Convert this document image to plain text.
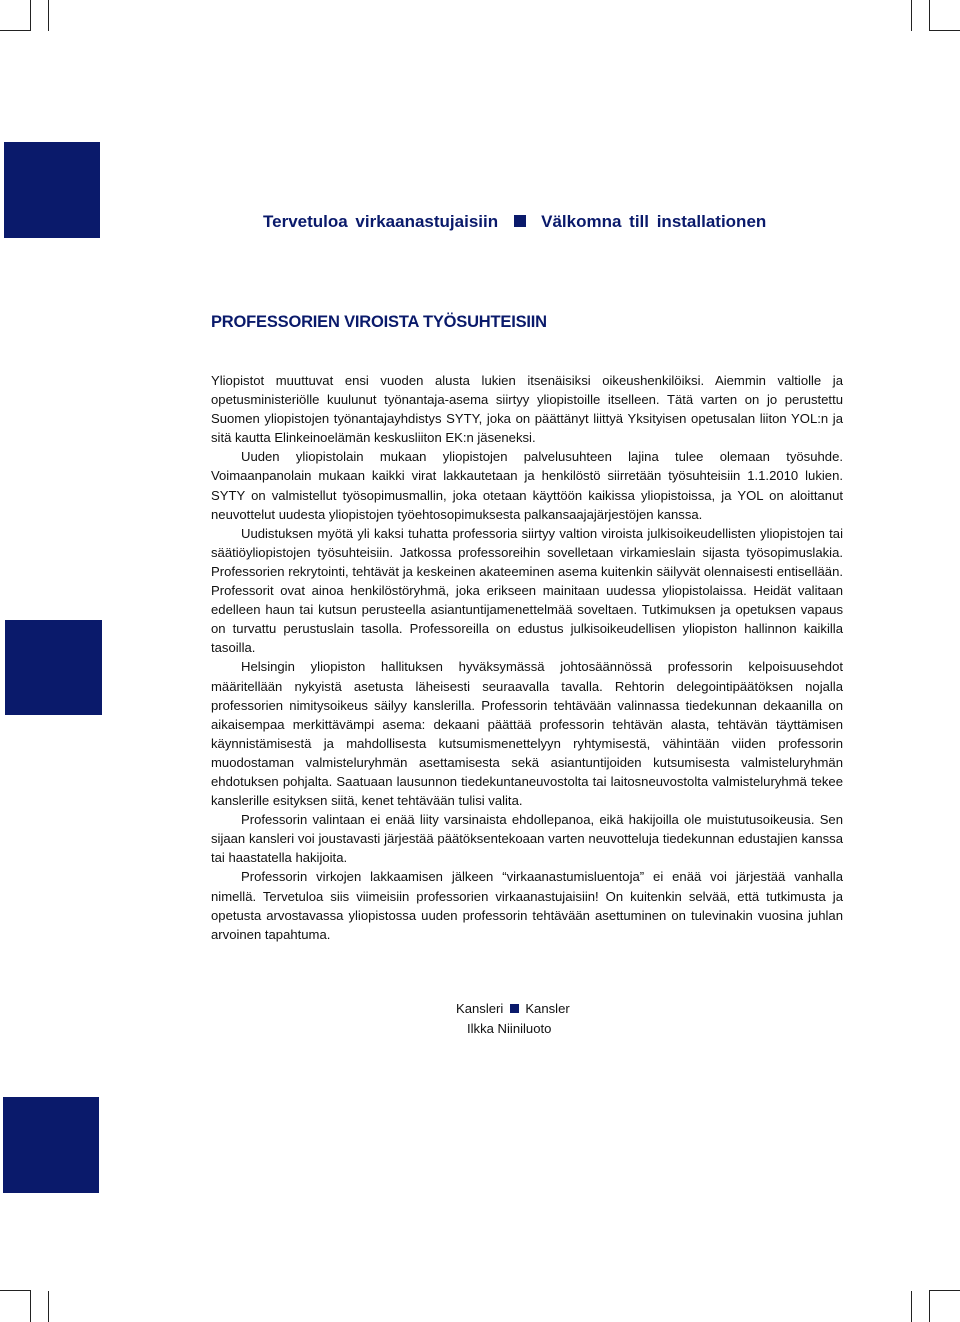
Tervetuloa virkaanastujaisiin	Välkomna till installationen
PROFESSORIEN VIROISTA TYÖSUHTEISIIN

Yliopistot muuttuvat ensi vuoden alusta lukien itsenäisiksi oikeushenkilöiksi. Aiemmin valtiolle ja opetusministeriölle kuulunut työnantaja-asema siirtyy yliopistoille itselleen. Tätä varten on jo perustettu Suomen yliopistojen työnantajayhdistys SYTY, joka on päättänyt liittyä Yksityisen opetusalan liiton YOL:n ja sitä kautta Elinkeinoelämän keskusliiton EK:n jäseneksi.

Uuden yliopistolain mukaan yliopistojen palvelusuhteen lajina tulee olemaan työsuhde. Voimaanpanolain mukaan kaikki virat lakkautetaan ja henkilöstö siirretään työsuhteisiin 1.1.2010 lukien. SYTY on valmistellut työsopimusmallin, joka otetaan käyttöön kaikissa yliopistoissa, ja YOL on aloittanut neuvottelut uudesta yliopistojen työehtosopimuksesta palkansaajajärjestöjen kanssa.

Uudistuksen myötä yli kaksi tuhatta professoria siirtyy valtion viroista julkisoikeudellisten yliopistojen tai säätiöyliopistojen työsuhteisiin. Jatkossa professoreihin sovelletaan virkamieslain sijasta työsopimuslakia. Professorien rekrytointi, tehtävät ja keskeinen akateeminen asema kuitenkin säilyvät olennaisesti entisellään. Professorit ovat ainoa henkilöstöryhmä, joka erikseen mainitaan uudessa yliopistolaissa. Heidät valitaan edelleen haun tai kutsun perusteella asiantuntijamenettelmää soveltaen. Tutkimuksen ja opetuksen vapaus on turvattu perustuslain tasolla. Professoreilla on edustus julkisoikeudellisen yliopiston hallinnon kaikilla tasoilla.

Helsingin yliopiston hallituksen hyväksymässä johtosäännössä professorin kelpoisuusehdot määritellään nykyistä asetusta läheisesti seuraavalla tavalla. Rehtorin delegointipäätöksen nojalla professorien nimitysoikeus säilyy kanslerilla. Professorin tehtävään valinnassa tiedekunnan dekaanilla on aikaisempaa merkittävämpi asema: dekaani päättää professorin tehtävän alasta, tehtävän täyttämisen käynnistämisestä ja mahdollisesta kutsumismenettelyyn ryhtymisestä, vähintään viiden professorin muodostaman valmisteluryhmän asettamisesta sekä asiantuntijoiden kutsumisesta valmisteluryhmän ehdotuksen pohjalta. Saatuaan lausunnon tiedekuntaneuvostolta tai laitosneuvostolta valmisteluryhmä tekee kanslerille esityksen siitä, kenet tehtävään tulisi valita.

Professorin valintaan ei enää liity varsinaista ehdollepanoa, eikä hakijoilla ole muistutusoikeusia. Sen sijaan kansleri voi joustavasti järjestää päätöksentekoaan varten neuvotteluja tiedekunnan edustajien kanssa tai haastatella hakijoita.

Professorin virkojen lakkaamisen jälkeen “virkaanastumisluentoja” ei enää voi järjestää vanhalla nimellä. Tervetuloa siis viimeisiin professorien virkaanastujaisiin! On kuitenkin selvää, että tutkimusta ja opetusta arvostavassa yliopistossa uuden professorin tehtävään asettuminen on tulevinakin vuosina juhlan arvoinen tapahtuma.

Kansleri Kansler
Ilkka Niiniluoto
